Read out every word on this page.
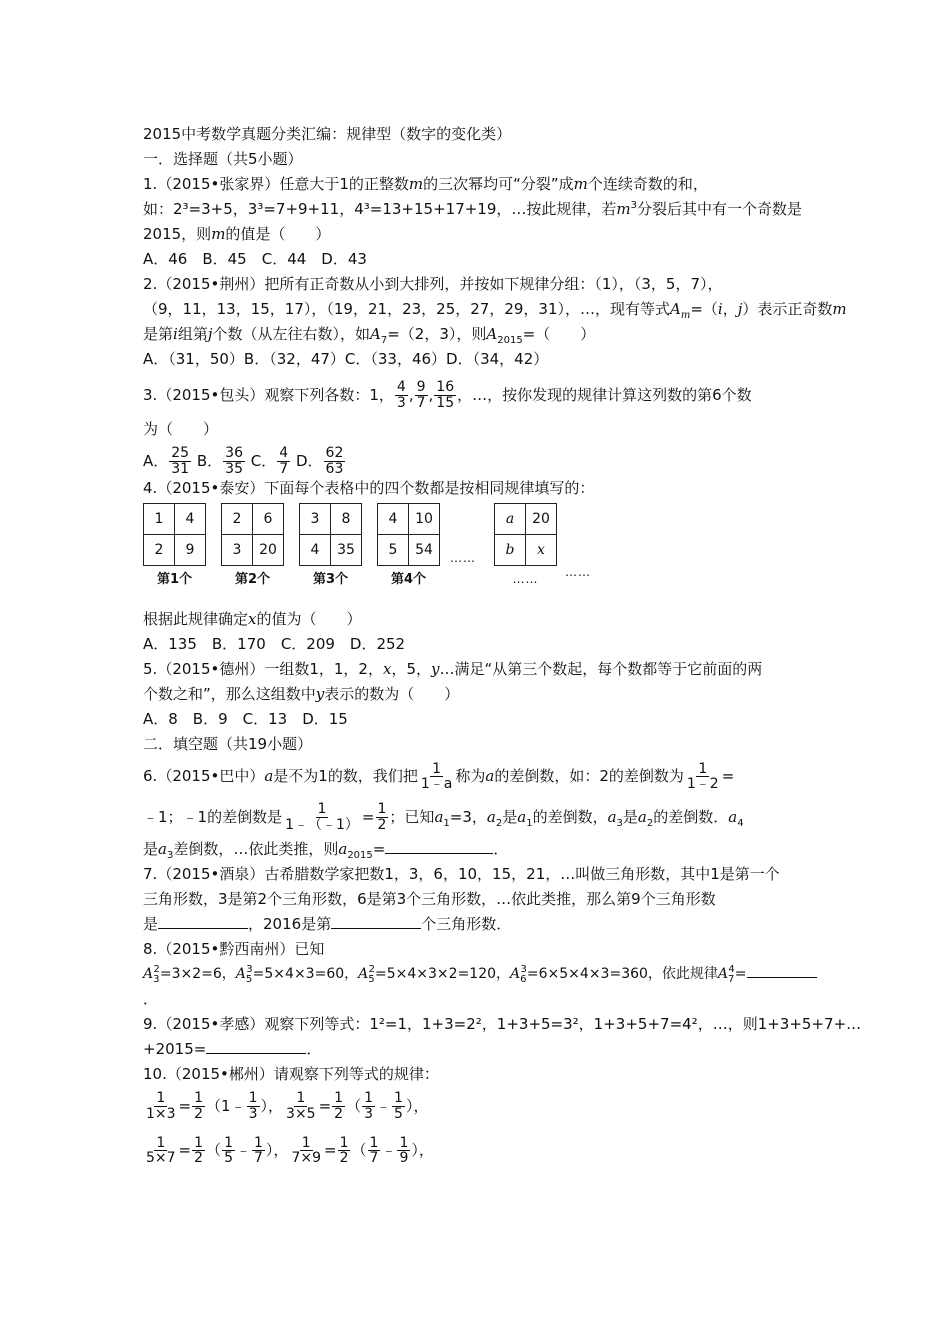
2015中考数学真题分类汇编：规律型（数字的变化类）
一．选择题（共5小题）
1.（2015•张家界）任意大于1的正整数m的三次幂均可“分裂”成m个连续奇数的和，
如：2³=3+5，3³=7+9+11，4³=13+15+17+19，…按此规律，若$m^3$分裂后其中有一个奇数是
2015，则m的值是（　　）
A．46　B．45　C．44　D．43
2.（2015•荆州）把所有正奇数从小到大排列，并按如下规律分组：（1），（3，5，7），
（9，11，13，15，17），（19，21，23，25，27，29，31），…，现有等式$A_m=(i$，j）表示正奇数m
是第i组第j个数（从左往右数），如$A_7=(2$，3），则$A_{2015}=$（　　）
A．（31，50）B．（32，47）C．（33，46）D．（34，42）
3.（2015•包头）观察下列各数：1， $\frac{4}{3}$ , $\frac{9}{7}$ , $\frac{16}{15}$ ，…，按你发现的规律计算这列数的第6个数
为（　　）
A． $\frac{25}{31}$ B． $\frac{36}{35}$ C． $\frac{4}{7}$ D． $\frac{62}{63}$
4.（2015•泰安）下面每个表格中的四个数都是按相同规律填写的：
1	4
2	9
第1个
2	6
3	20
第2个
3	8
4	35
第3个
4	10
5	54
第4个
……
a	20
b	x
…… ……
根据此规律确定x的值为（　　）
A．135　B．170　C．209　D．252
5.（2015•德州）一组数1，1，2，x，5，y…满足“从第三个数起，每个数都等于它前面的两
个数之和”，那么这组数中y表示的数为（　　）
A．8　B．9　C．13　D．15
二．填空题（共19小题）
6.（2015•巴中）a是不为1的数，我们把 $\frac{1}{1﹣a}$ 称为a的差倒数，如：2的差倒数为 $\frac{1}{1﹣2}$ =
﹣1；﹣1的差倒数是 $\frac{1}{1﹣(﹣1)} = \frac{1}{2}$ ；已知$a_1=3$，$a_2$是$a_1$的差倒数，$a_3$是$a_2$的差倒数．$a_4$
是$a_3$差倒数，…依此类推，则$a_{2015}=$	．
7.（2015•酒泉）古希腊数学家把数1，3，6，10，15，21，…叫做三角形数，其中1是第一个
三角形数，3是第2个三角形数，6是第3个三角形数，…依此类推，那么第9个三角形数
是	，2016是第	个三角形数．
8.（2015•黔西南州）已知
$A_3^2=3\times 2=6$，$A_5^3=5\times 4\times 3=60$，$A_5^2=5\times 4\times 3\times 2=120$，$A_6^3=6\times 5\times 4\times 3=360$，依此规律$A_7^4=$
．
9.（2015•孝感）观察下列等式：1²=1，1+3=2²，1+3+5=3²，1+3+5+7=4²，…，则1+3+5+7+…
+2015=	．
10.（2015•郴州）请观察下列等式的规律：
$\frac{1}{1\times 3} = \frac{1}{2}$ （1﹣ $\frac{1}{3}$ ）， $\frac{1}{3\times 5} = \frac{1}{2}$ （ $\frac{1}{3}$ ﹣ $\frac{1}{5}$ ），
$\frac{1}{5\times 7} = \frac{1}{2}$ （ $\frac{1}{5}$ ﹣ $\frac{1}{7}$ ）， $\frac{1}{7\times 9} = \frac{1}{2}$ （ $\frac{1}{7}$ ﹣ $\frac{1}{9}$ ），
